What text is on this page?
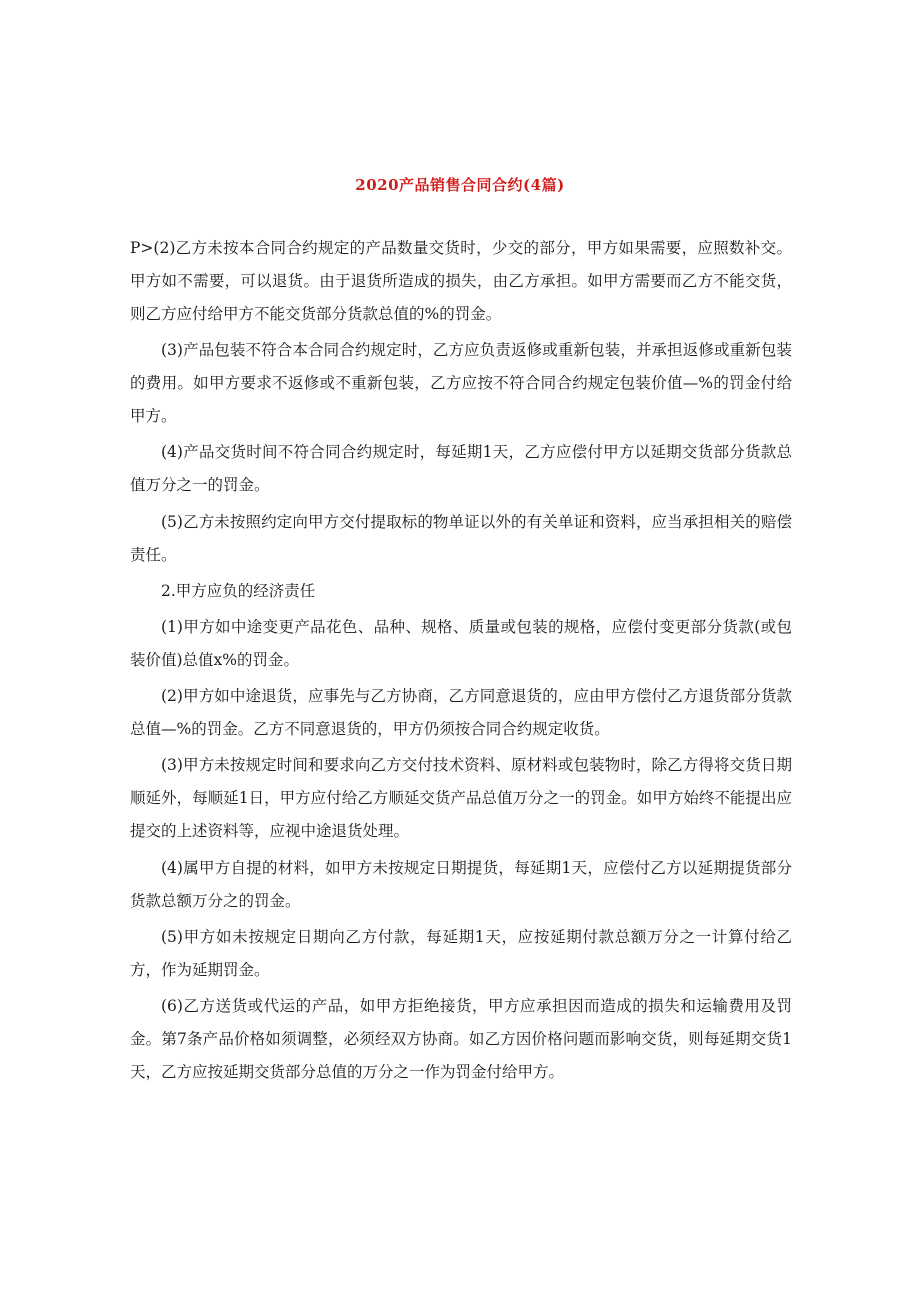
2020产品销售合同合约(4篇)

P>(2)乙方未按本合同合约规定的产品数量交货时，少交的部分，甲方如果需要，应照数补交。甲方如不需要，可以退货。由于退货所造成的损失，由乙方承担。如甲方需要而乙方不能交货，则乙方应付给甲方不能交货部分货款总值的%的罚金。

(3)产品包装不符合本合同合约规定时，乙方应负责返修或重新包装，并承担返修或重新包装的费用。如甲方要求不返修或不重新包装，乙方应按不符合同合约规定包装价值—%的罚金付给甲方。

(4)产品交货时间不符合同合约规定时，每延期1天，乙方应偿付甲方以延期交货部分货款总值万分之一的罚金。

(5)乙方未按照约定向甲方交付提取标的物单证以外的有关单证和资料，应当承担相关的赔偿责任。

2.甲方应负的经济责任

(1)甲方如中途变更产品花色、品种、规格、质量或包装的规格，应偿付变更部分货款(或包装价值)总值x%的罚金。

(2)甲方如中途退货，应事先与乙方协商，乙方同意退货的，应由甲方偿付乙方退货部分货款总值—%的罚金。乙方不同意退货的，甲方仍须按合同合约规定收货。

(3)甲方未按规定时间和要求向乙方交付技术资料、原材料或包装物时，除乙方得将交货日期顺延外，每顺延1日，甲方应付给乙方顺延交货产品总值万分之一的罚金。如甲方始终不能提出应提交的上述资料等，应视中途退货处理。

(4)属甲方自提的材料，如甲方未按规定日期提货，每延期1天，应偿付乙方以延期提货部分货款总额万分之的罚金。

(5)甲方如未按规定日期向乙方付款，每延期1天，应按延期付款总额万分之一计算付给乙方，作为延期罚金。

(6)乙方送货或代运的产品，如甲方拒绝接货，甲方应承担因而造成的损失和运输费用及罚金。第7条产品价格如须调整，必须经双方协商。如乙方因价格问题而影响交货，则每延期交货1天，乙方应按延期交货部分总值的万分之一作为罚金付给甲方。
